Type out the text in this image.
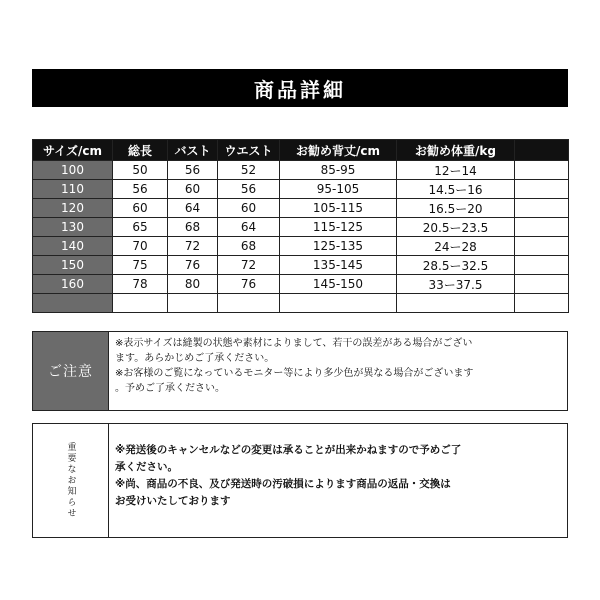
商品詳細
サイズ/cm	総長	バスト	ウエスト	お勧め背丈/cm	お勧め体重/kg	
100	50	56	52	85-95	12ー14	
110	56	60	56	95-105	14.5ー16	
120	60	64	60	105-115	16.5ー20	
130	65	68	64	115-125	20.5ー23.5	
140	70	72	68	125-135	24ー28	
150	75	76	72	135-145	28.5ー32.5	
160	78	80	76	145-150	33ー37.5	

ご注意
※表示サイズは縫製の状態や素材によりまして、若干の誤差がある場合がござい
ます。あらかじめご了承ください。
※お客様のご覧になっているモニター等により多少色が異なる場合がございます
。予めご了承ください。
重要なお知らせ	※発送後のキャンセルなどの変更は承ることが出来かねますので予めご了
承ください。
※尚、商品の不良、及び発送時の汚破損によります商品の返品・交換は
お受けいたしております
